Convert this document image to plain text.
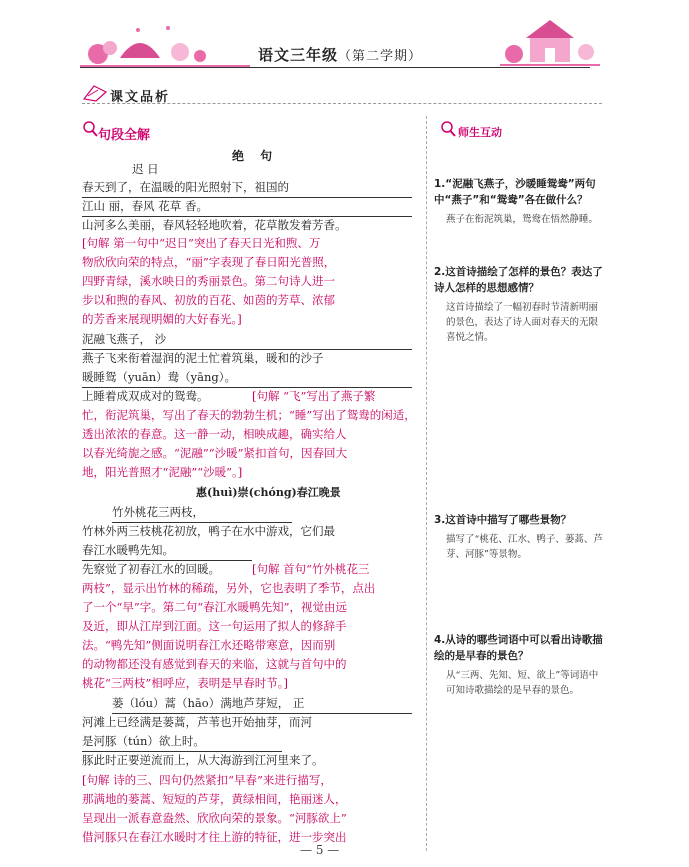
语文三年级（第二学期）
课文品析
句段全解	师生互动
绝 句
迟 日
春天到了，在温暖的阳光照射下，祖国的
江山 丽，春风 花草 香。
山河多么美丽，春风轻轻地吹着，花草散发着芳香。
[句解 第一句中“迟日”突出了春天日光和煦、万
物欣欣向荣的特点，“丽”字表现了春日阳光普照，
四野青绿，溪水映日的秀丽景色。第二句诗人进一
步以和煦的春风、初放的百花、如茵的芳草、浓郁
的芳香来展现明媚的大好春光。]
泥融飞燕子， 沙
燕子飞来衔着湿润的泥土忙着筑巢，暖和的沙子
暖睡鸳（yuān）鸯（yāng）。
上睡着成双成对的鸳鸯。	[句解 “飞”写出了燕子繁
忙，衔泥筑巢，写出了春天的勃勃生机；“睡”写出了鸳鸯的闲适，
透出浓浓的春意。这一静一动，相映成趣，确实给人
以春光绮旎之感。“泥融”“沙暖”紧扣首句，因春回大
地，阳光普照才“泥融”“沙暖”。]
惠(huì)崇(chóng)春江晚景
竹外桃花三两枝，
竹林外两三枝桃花初放，鸭子在水中游戏，它们最
春江水暖鸭先知。
先察觉了初春江水的回暖。	[句解 首句“竹外桃花三
两枝”，显示出竹林的稀疏，另外，它也表明了季节，点出
了一个“早”字。第二句“春江水暖鸭先知”，视觉由远
及近，即从江岸到江面。这一句运用了拟人的修辞手
法。“鸭先知”侧面说明春江水还略带寒意，因而别
的动物都还没有感觉到春天的来临，这就与首句中的
桃花“三两枝”相呼应，表明是早春时节。]
蒌（lóu）蒿（hāo）满地芦芽短， 正
河滩上已经满是蒌蒿，芦苇也开始抽芽，而河
是河豚（tún）欲上时。
豚此时正要逆流而上，从大海游到江河里来了。
[句解 诗的三、四句仍然紧扣“早春”来进行描写，
那满地的蒌蒿、短短的芦芽，黄绿相间，艳丽迷人，
呈现出一派春意盎然、欣欣向荣的景象。“河豚欲上”
借河豚只在春江水暖时才往上游的特征，进一步突出
1.“泥融飞燕子，沙暖睡鸳鸯”两句中“燕子”和“鸳鸯”各在做什么？
燕子在衔泥筑巢，鸳鸯在悟然静睡。
2.这首诗描绘了怎样的景色？表达了诗人怎样的思想感情？
这首诗描绘了一幅初春时节清新明丽的景色，表达了诗人面对春天的无限喜悦之情。
3.这首诗中描写了哪些景物？
描写了“桃花、江水、鸭子、蒌蒿、芦芽、河豚”等景物。
4.从诗的哪些词语中可以看出诗歌描绘的是早春的景色？
从“三两、先知、短、欲上”等词语中可知诗歌描绘的是早春的景色。
— 5 —
